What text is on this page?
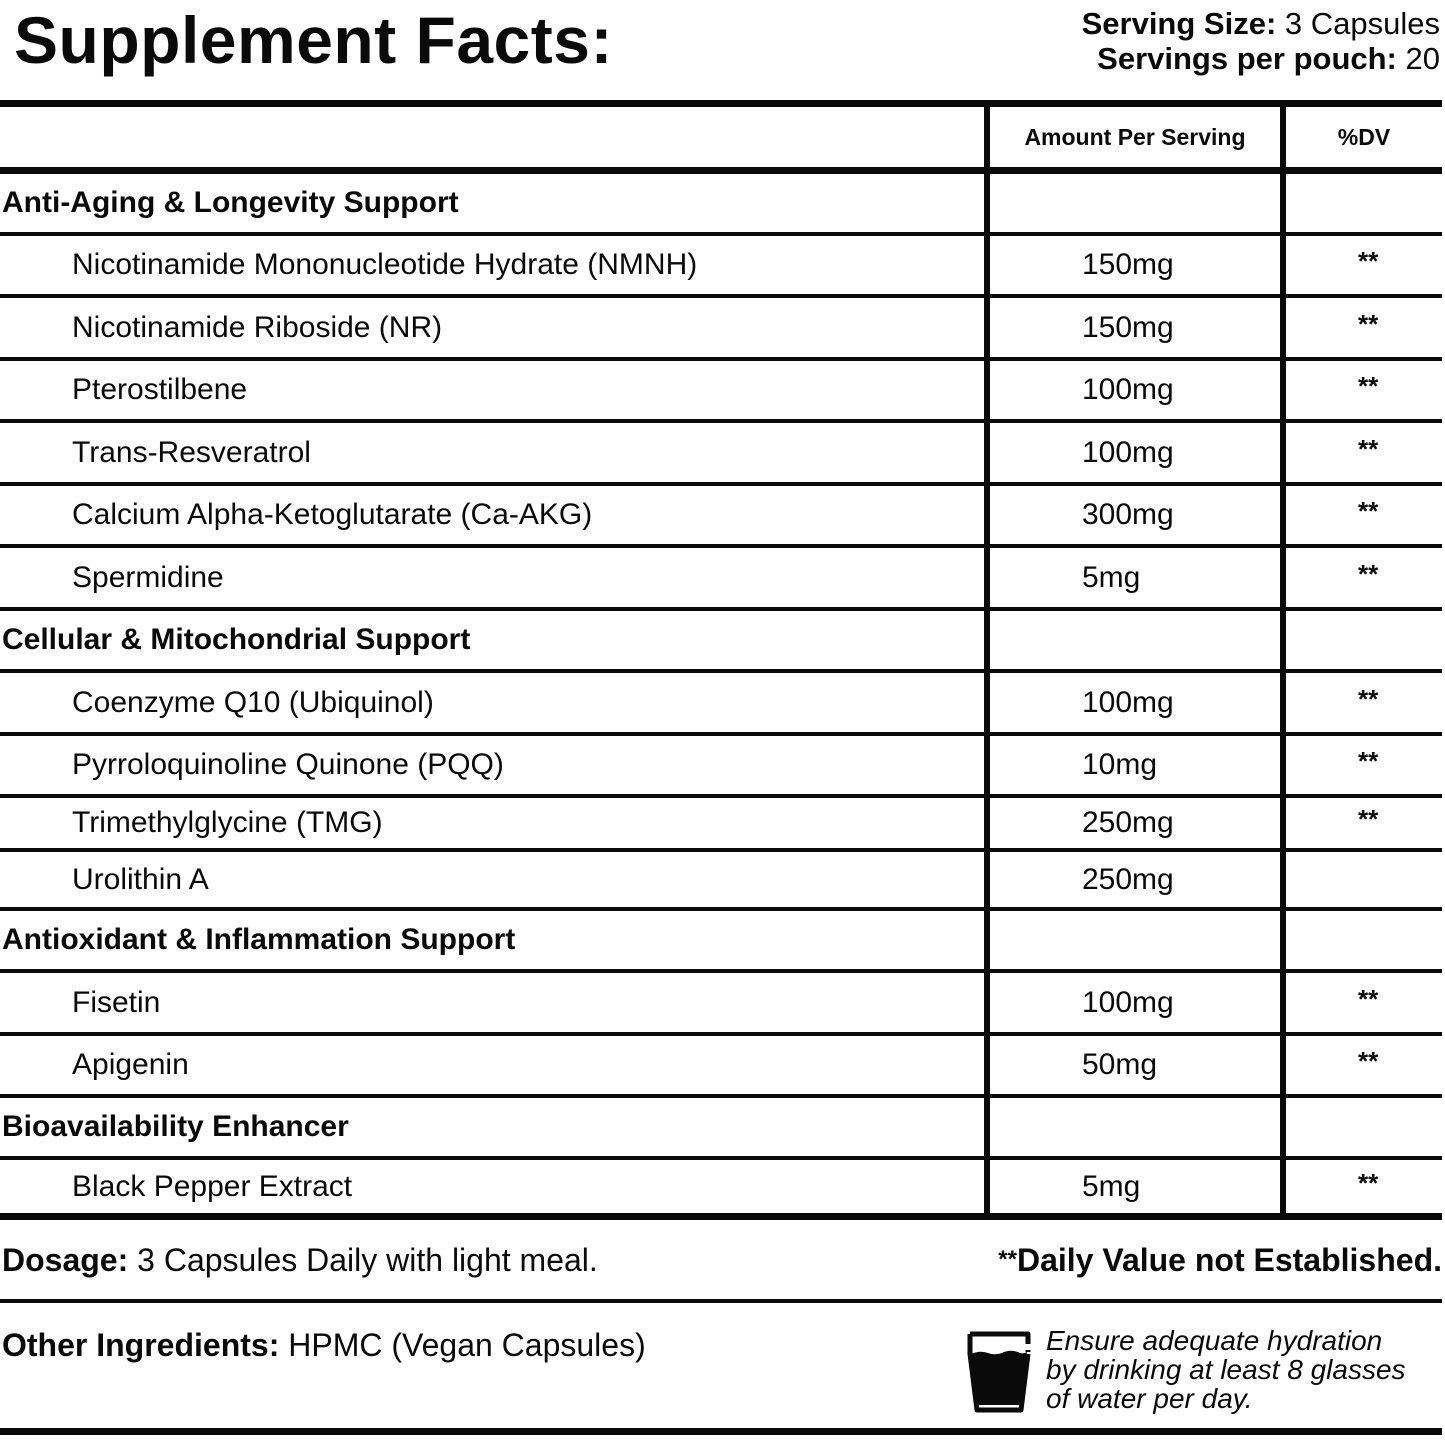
Supplement Facts:	Serving Size: 3 Capsules
Servings per pouch: 20
Amount Per Serving	%DV
Anti-Aging & Longevity Support
Nicotinamide Mononucleotide Hydrate (NMNH)	150mg	**
Nicotinamide Riboside (NR)	150mg	**
Pterostilbene	100mg	**
Trans-Resveratrol	100mg	**
Calcium Alpha-Ketoglutarate (Ca-AKG)	300mg	**
Spermidine	5mg	**
Cellular & Mitochondrial Support
Coenzyme Q10 (Ubiquinol)	100mg	**
Pyrroloquinoline Quinone (PQQ)	10mg	**
Trimethylglycine (TMG)	250mg	**
Urolithin A	250mg
Antioxidant & Inflammation Support
Fisetin	100mg	**
Apigenin	50mg	**
Bioavailability Enhancer
Black Pepper Extract	5mg	**
Dosage: 3 Capsules Daily with light meal.	**Daily Value not Established.
Other Ingredients: HPMC (Vegan Capsules)	Ensure adequate hydration
by drinking at least 8 glasses
of water per day.
